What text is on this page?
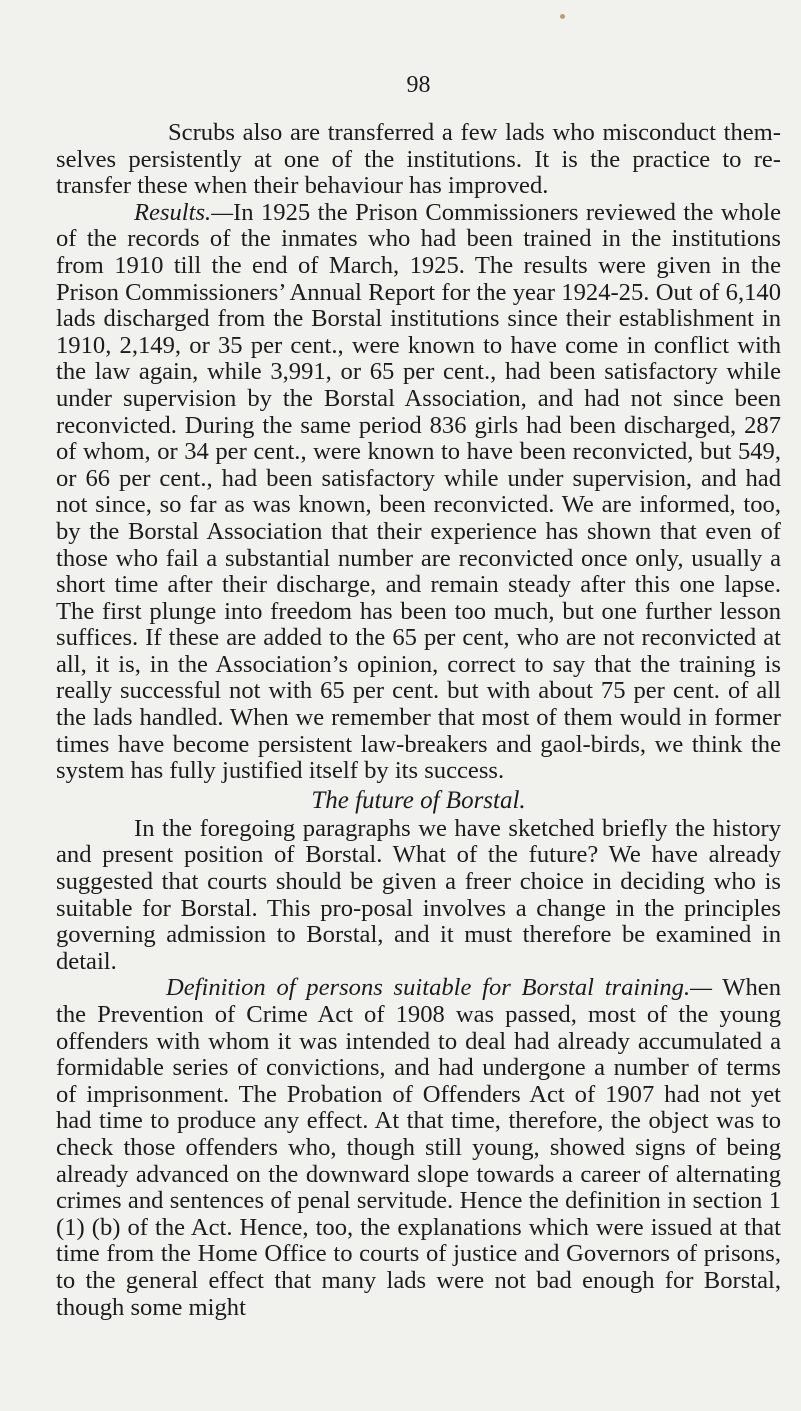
98

Scrubs also are transferred a few lads who misconduct them-selves persistently at one of the institutions. It is the practice to re-transfer these when their behaviour has improved.

Results.—In 1925 the Prison Commissioners reviewed the whole of the records of the inmates who had been trained in the institutions from 1910 till the end of March, 1925. The results were given in the Prison Commissioners’ Annual Report for the year 1924-25. Out of 6,140 lads discharged from the Borstal institutions since their establishment in 1910, 2,149, or 35 per cent., were known to have come in conflict with the law again, while 3,991, or 65 per cent., had been satisfactory while under supervision by the Borstal Association, and had not since been reconvicted. During the same period 836 girls had been discharged, 287 of whom, or 34 per cent., were known to have been reconvicted, but 549, or 66 per cent., had been satisfactory while under supervision, and had not since, so far as was known, been reconvicted. We are informed, too, by the Borstal Association that their experience has shown that even of those who fail a substantial number are reconvicted once only, usually a short time after their discharge, and remain steady after this one lapse. The first plunge into freedom has been too much, but one further lesson suffices. If these are added to the 65 per cent, who are not reconvicted at all, it is, in the Association’s opinion, correct to say that the training is really successful not with 65 per cent. but with about 75 per cent. of all the lads handled. When we remember that most of them would in former times have become persistent law-breakers and gaol-birds, we think the system has fully justified itself by its success.

The future of Borstal.

In the foregoing paragraphs we have sketched briefly the history and present position of Borstal. What of the future? We have already suggested that courts should be given a freer choice in deciding who is suitable for Borstal. This pro-posal involves a change in the principles governing admission to Borstal, and it must therefore be examined in detail.

Definition of persons suitable for Borstal training.— When the Prevention of Crime Act of 1908 was passed, most of the young offenders with whom it was intended to deal had already accumulated a formidable series of convictions, and had undergone a number of terms of imprisonment. The Probation of Offenders Act of 1907 had not yet had time to produce any effect. At that time, therefore, the object was to check those offenders who, though still young, showed signs of being already advanced on the downward slope towards a career of alternating crimes and sentences of penal servitude. Hence the definition in section 1 (1) (b) of the Act. Hence, too, the explanations which were issued at that time from the Home Office to courts of justice and Governors of prisons, to the general effect that many lads were not bad enough for Borstal, though some might
